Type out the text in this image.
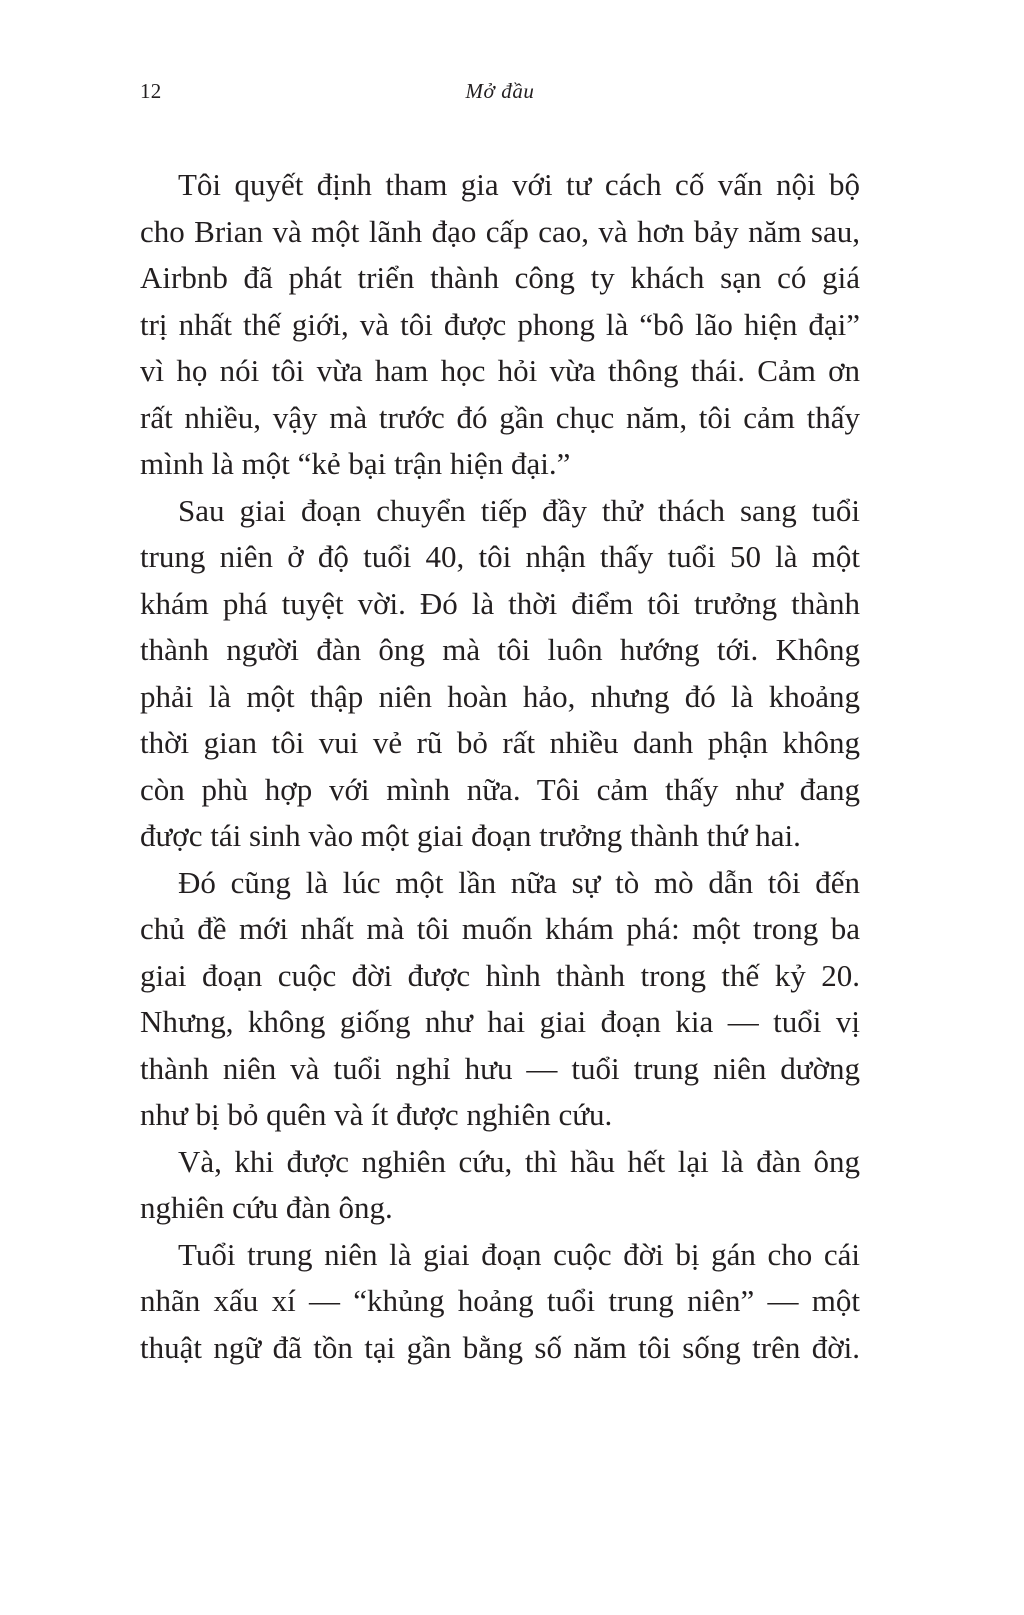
12	Mở đầu

Tôi quyết định tham gia với tư cách cố vấn nội bộ
cho Brian và một lãnh đạo cấp cao, và hơn bảy năm sau,
Airbnb đã phát triển thành công ty khách sạn có giá
trị nhất thế giới, và tôi được phong là “bô lão hiện đại”
vì họ nói tôi vừa ham học hỏi vừa thông thái. Cảm ơn
rất nhiều, vậy mà trước đó gần chục năm, tôi cảm thấy
mình là một “kẻ bại trận hiện đại.”

Sau giai đoạn chuyển tiếp đầy thử thách sang tuổi
trung niên ở độ tuổi 40, tôi nhận thấy tuổi 50 là một
khám phá tuyệt vời. Đó là thời điểm tôi trưởng thành
thành người đàn ông mà tôi luôn hướng tới. Không
phải là một thập niên hoàn hảo, nhưng đó là khoảng
thời gian tôi vui vẻ rũ bỏ rất nhiều danh phận không
còn phù hợp với mình nữa. Tôi cảm thấy như đang
được tái sinh vào một giai đoạn trưởng thành thứ hai.

Đó cũng là lúc một lần nữa sự tò mò dẫn tôi đến
chủ đề mới nhất mà tôi muốn khám phá: một trong ba
giai đoạn cuộc đời được hình thành trong thế kỷ 20.
Nhưng, không giống như hai giai đoạn kia — tuổi vị
thành niên và tuổi nghỉ hưu — tuổi trung niên dường
như bị bỏ quên và ít được nghiên cứu.

Và, khi được nghiên cứu, thì hầu hết lại là đàn ông
nghiên cứu đàn ông.

Tuổi trung niên là giai đoạn cuộc đời bị gán cho cái
nhãn xấu xí — “khủng hoảng tuổi trung niên” — một
thuật ngữ đã tồn tại gần bằng số năm tôi sống trên đời.
